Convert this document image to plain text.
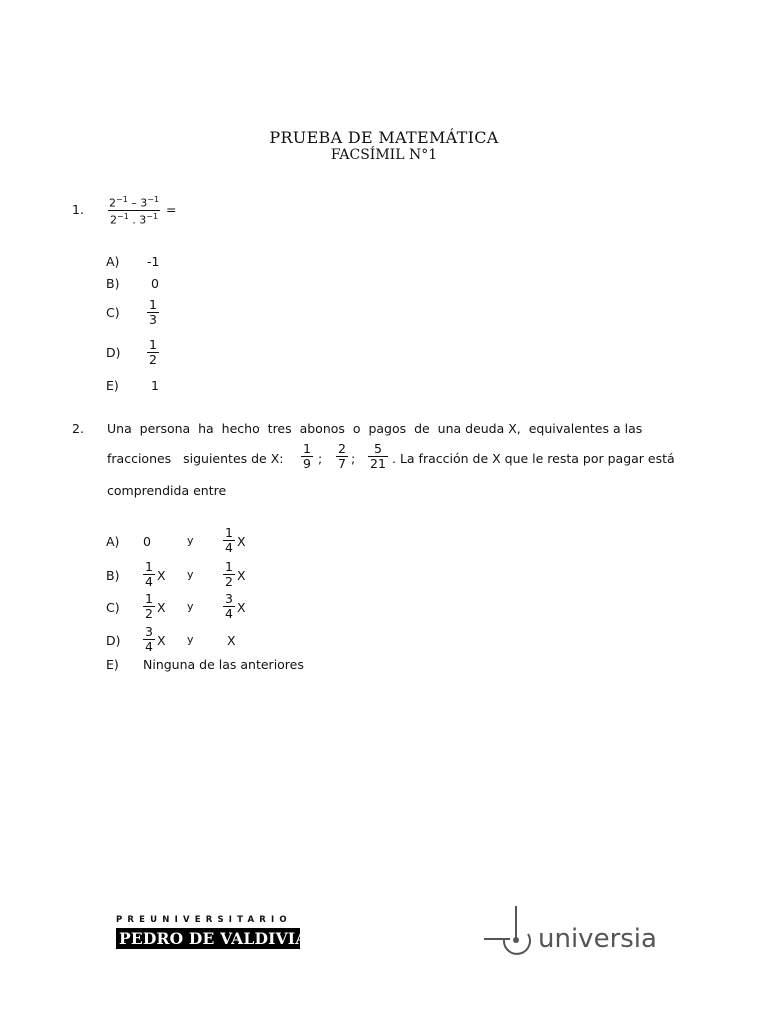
PRUEBA DE MATEMÁTICA
FACSÍMIL N°1
1. $\frac{2^{-1} - 3^{-1}}{2^{-1} . 3^{-1}}$ =
A) -1
B)	0
$C) \frac{1}{3}$
$D) \frac{1}{2}$
E)	1
2. Una  persona  ha  hecho  tres  abonos  o  pagos  de  una deuda X,  equivalentes a las
fracciones   siguientes de X: $\frac{1}{9}$ ; $\frac{2}{7}$ ; $\frac{5}{21}$ . La fracción de X que le resta por pagar está
comprendida entre
A) 0	y $\frac{1}{4}$ X
$B) \frac{1}{4}$ X y $\frac{1}{2}$ X
$C) \frac{1}{2}$ X y $\frac{3}{4}$ X
$D) \frac{3}{4}$ X y	X
E) Ninguna de las anteriores
PREUNIVERSITARIO
PEDRO DE VALDIVIA	universia
